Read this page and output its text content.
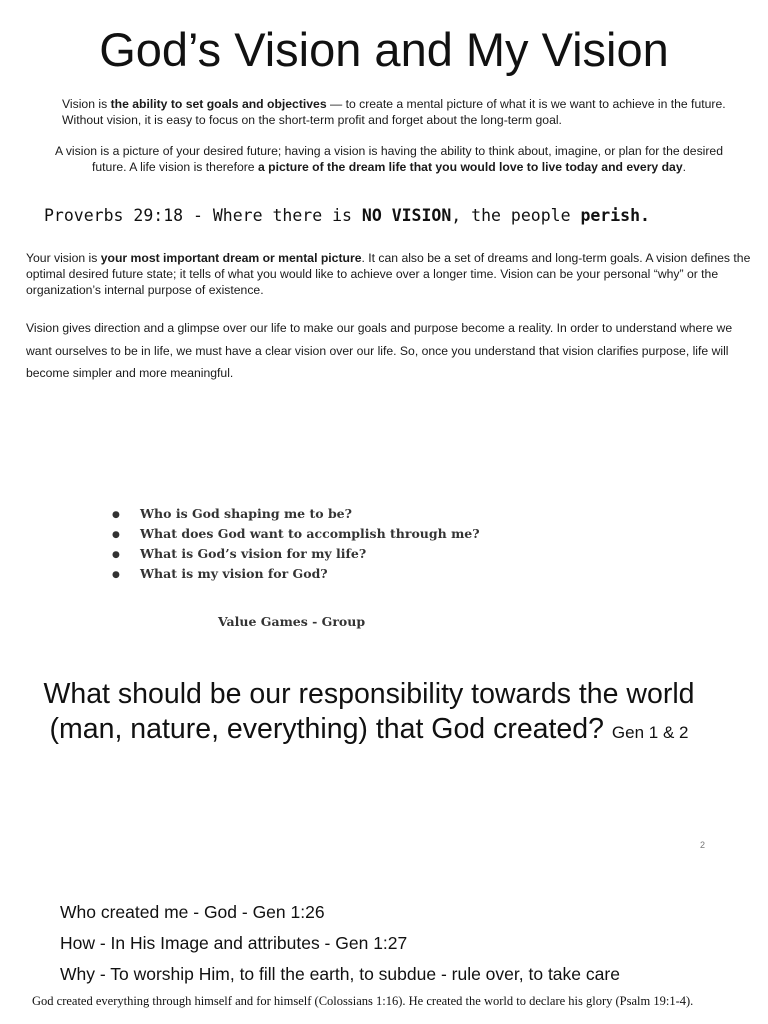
God’s Vision and My Vision
Vision is the ability to set goals and objectives — to create a mental picture of what it is we want to achieve in the future. Without vision, it is easy to focus on the short-term profit and forget about the long-term goal.
A vision is a picture of your desired future; having a vision is having the ability to think about, imagine, or plan for the desired future. A life vision is therefore a picture of the dream life that you would love to live today and every day.
Proverbs 29:18 - Where there is NO VISION, the people perish.
Your vision is your most important dream or mental picture. It can also be a set of dreams and long-term goals. A vision defines the optimal desired future state; it tells of what you would like to achieve over a longer time. Vision can be your personal “why” or the organization’s internal purpose of existence.
Vision gives direction and a glimpse over our life to make our goals and purpose become a reality. In order to understand where we want ourselves to be in life, we must have a clear vision over our life. So, once you understand that vision clarifies purpose, life will become simpler and more meaningful.
● Who is God shaping me to be?
● What does God want to accomplish through me?
● What is God’s vision for my life?
● What is my vision for God?
Value Games - Group
What should be our responsibility towards the world (man, nature, everything) that God created? Gen 1 & 2
2
Who created me - God - Gen 1:26
How - In His Image and attributes - Gen 1:27
Why - To worship Him, to fill the earth, to subdue - rule over, to take care
God created everything through himself and for himself (Colossians 1:16). He created the world to declare his glory (Psalm 19:1-4).
